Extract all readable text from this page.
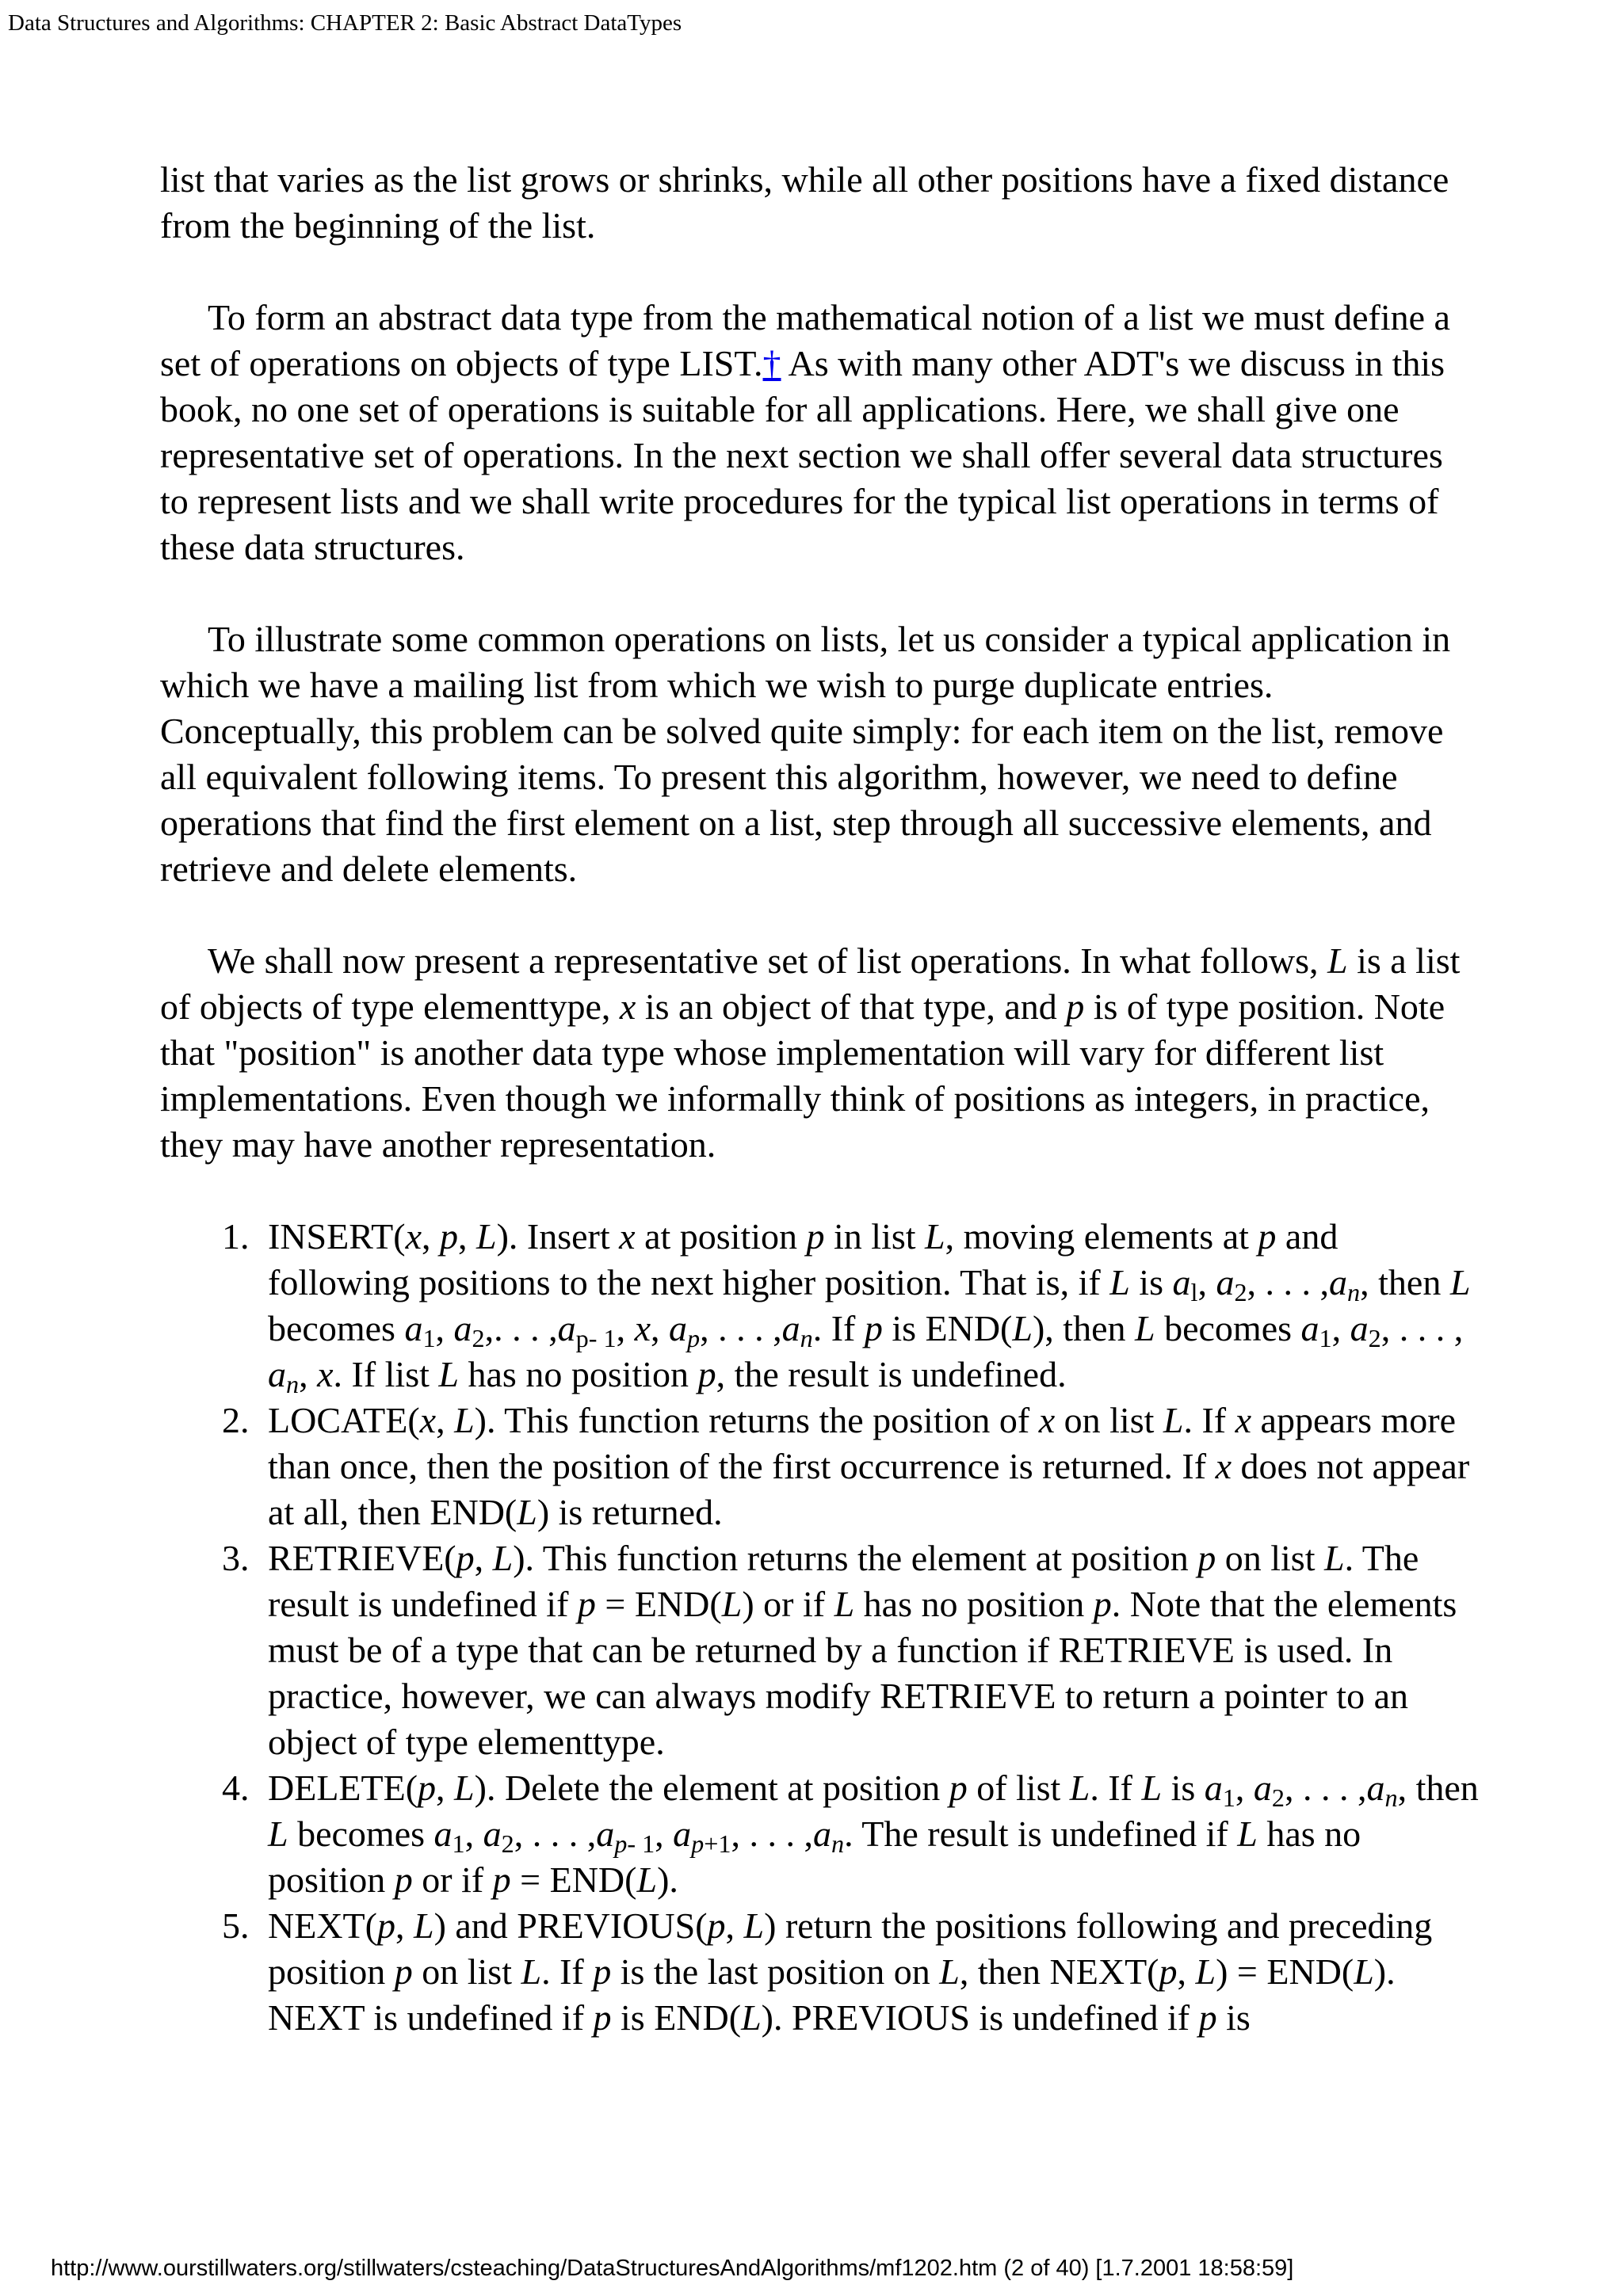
Data Structures and Algorithms: CHAPTER 2: Basic Abstract DataTypes

list that varies as the list grows or shrinks, while all other positions have a fixed distance from the beginning of the list.

To form an abstract data type from the mathematical notion of a list we must define a set of operations on objects of type LIST.† As with many other ADT's we discuss in this book, no one set of operations is suitable for all applications. Here, we shall give one representative set of operations. In the next section we shall offer several data structures to represent lists and we shall write procedures for the typical list operations in terms of these data structures.

To illustrate some common operations on lists, let us consider a typical application in which we have a mailing list from which we wish to purge duplicate entries. Conceptually, this problem can be solved quite simply: for each item on the list, remove all equivalent following items. To present this algorithm, however, we need to define operations that find the first element on a list, step through all successive elements, and retrieve and delete elements.

We shall now present a representative set of list operations. In what follows, L is a list of objects of type elementtype, x is an object of that type, and p is of type position. Note that "position" is another data type whose implementation will vary for different list implementations. Even though we informally think of positions as integers, in practice, they may have another representation.

1. INSERT(x, p, L). Insert x at position p in list L, moving elements at p and following positions to the next higher position. That is, if L is $a_l$, $a_2$, . . . $,a_n$, then L becomes $a_1$, $a_2$,. . . $,a_{p- 1}$, x, $a_p$, . . . $,a_n$. If p is END(L), then L becomes $a_1$, $a_2$, . . . , $a_n$, x. If list L has no position p, the result is undefined.
2. LOCATE(x, L). This function returns the position of x on list L. If x appears more than once, then the position of the first occurrence is returned. If x does not appear at all, then END(L) is returned.
3. RETRIEVE(p, L). This function returns the element at position p on list L. The result is undefined if p = END(L) or if L has no position p. Note that the elements must be of a type that can be returned by a function if RETRIEVE is used. In practice, however, we can always modify RETRIEVE to return a pointer to an object of type elementtype.
4. DELETE(p, L). Delete the element at position p of list L. If L is $a_1$, $a_2$, . . . $,a_n$, then L becomes $a_1$, $a_2$, . . . $,a_{p- 1}$, $a_{p+1}$, . . . $,a_n$. The result is undefined if L has no position p or if p = END(L).
5. NEXT(p, L) and PREVIOUS(p, L) return the positions following and preceding position p on list L. If p is the last position on L, then NEXT(p, L) = END(L). NEXT is undefined if p is END(L). PREVIOUS is undefined if p is
http://www.ourstillwaters.org/stillwaters/csteaching/DataStructuresAndAlgorithms/mf1202.htm (2 of 40) [1.7.2001 18:58:59]
